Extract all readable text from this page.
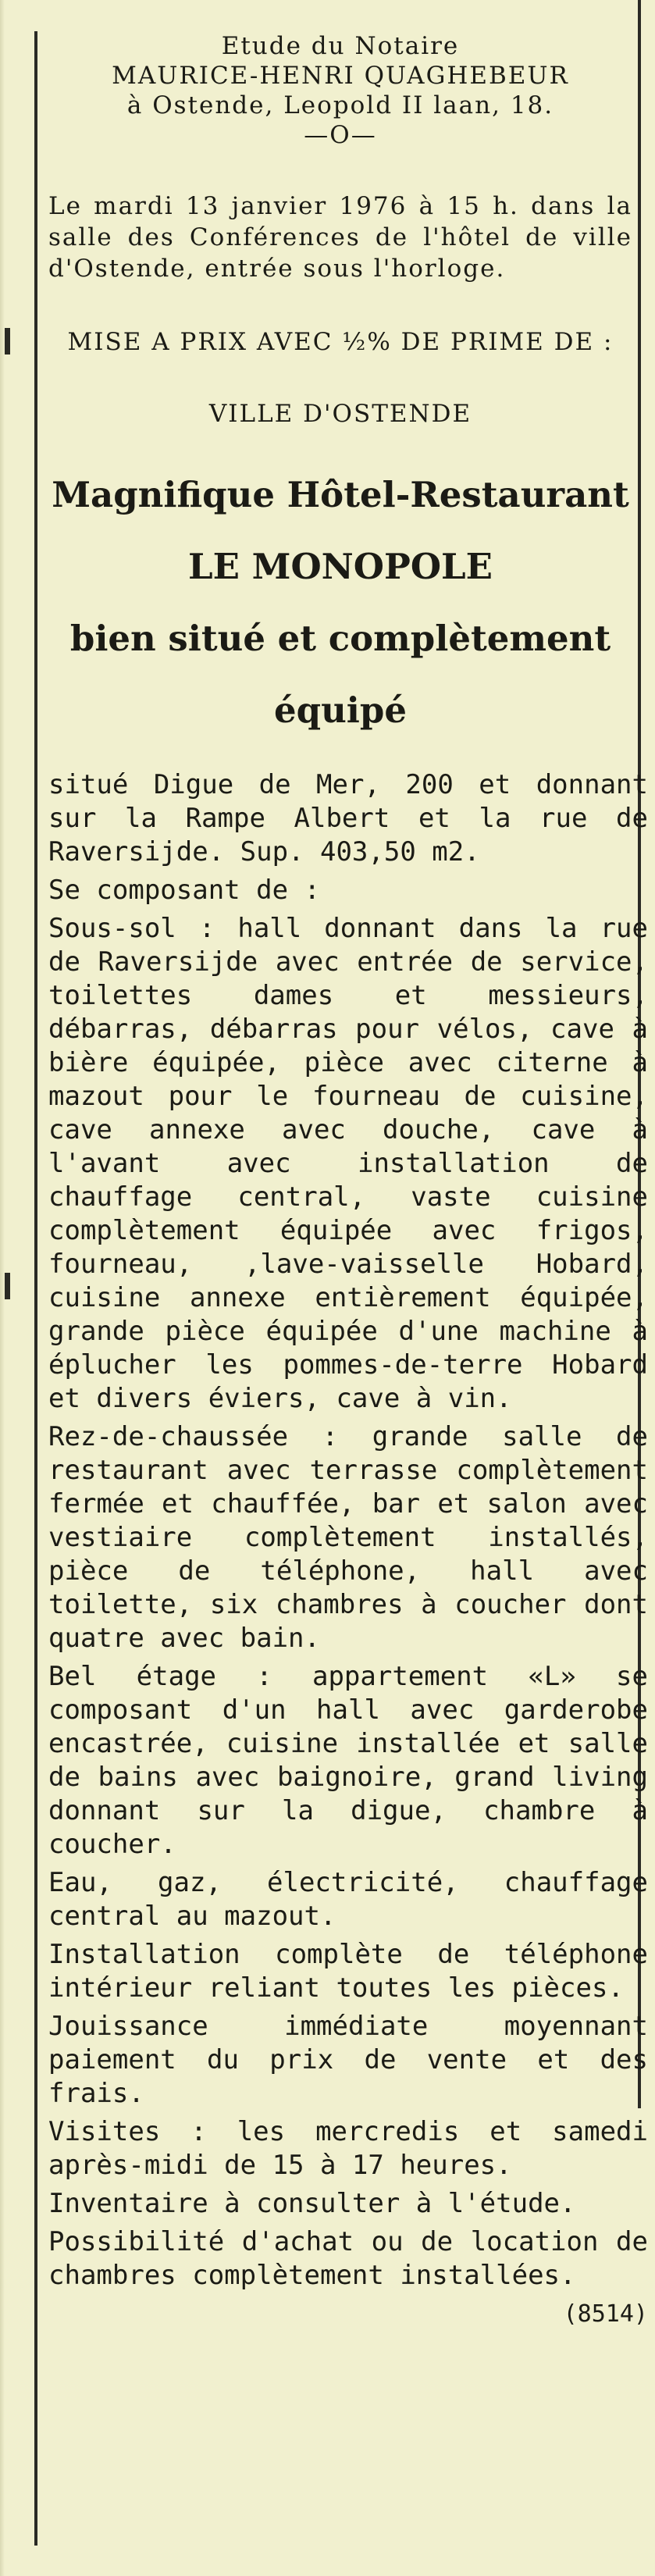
Etude du Notaire
MAURICE-HENRI QUAGHEBEUR
à Ostende, Leopold II laan, 18.
—O—
Le mardi 13 janvier 1976 à 15 h. dans la salle des Conférences de l'hôtel de ville d'Ostende, entrée sous l'horloge.
MISE A PRIX AVEC ½% DE PRIME DE :
VILLE D'OSTENDE
Magnifique Hôtel-Restaurant
LE MONOPOLE
bien situé et complètement
équipé

situé Digue de Mer, 200 et donnant sur la Rampe Albert et la rue de Raversijde. Sup. 403,50 m2.

Se composant de :

Sous-sol : hall donnant dans la rue de Raversijde avec entrée de service, toilettes dames et messieurs, débarras, débarras pour vélos, cave à bière équipée, pièce avec citerne à mazout pour le fourneau de cuisine, cave annexe avec douche, cave à l'avant avec installation de chauffage central, vaste cuisine complètement équipée avec frigos, fourneau, ,lave-vaisselle Hobard, cuisine annexe entièrement équipée, grande pièce équipée d'une machine à éplucher les pommes-de-terre Hobard et divers éviers, cave à vin.

Rez-de-chaussée : grande salle de restaurant avec terrasse complètement fermée et chauffée, bar et salon avec vestiaire complètement installés, pièce de téléphone, hall avec toilette, six chambres à coucher dont quatre avec bain.

Bel étage : appartement «L» se composant d'un hall avec garderobe encastrée, cuisine installée et salle de bains avec baignoire, grand living donnant sur la digue, chambre à coucher.

Eau, gaz, électricité, chauffage central au mazout.

Installation complète de téléphone intérieur reliant toutes les pièces.

Jouissance immédiate moyennant paiement du prix de vente et des frais.

Visites : les mercredis et samedi après-midi de 15 à 17 heures.

Inventaire à consulter à l'étude.

Possibilité d'achat ou de location de chambres complètement installées.

(8514)
